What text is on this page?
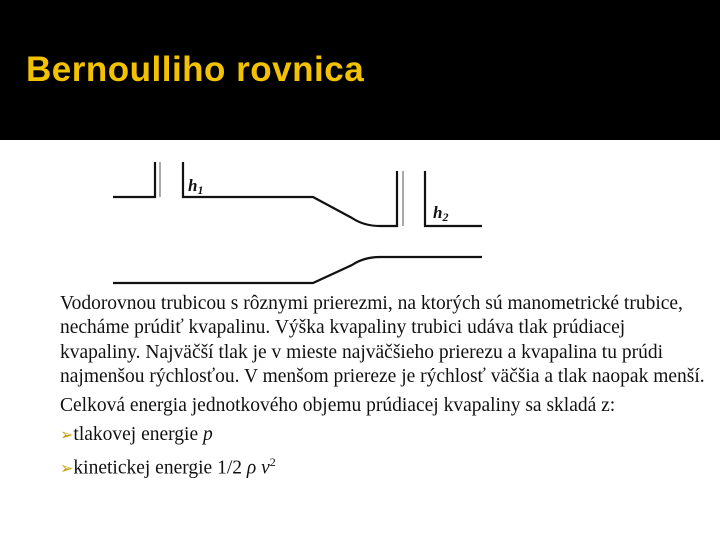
Bernoulliho rovnica
h1
h2

Vodorovnou trubicou s rôznymi prierezmi, na ktorých sú manometrické trubice, necháme prúdiť kvapalinu. Výška kvapaliny trubici udáva tlak prúdiacej kvapaliny. Najväčší tlak je v mieste najväčšieho prierezu a kvapalina tu prúdi najmenšou rýchlosťou. V menšom priereze je rýchlosť väčšia a tlak naopak menší.

Celková energia jednotkového objemu prúdiacej kvapaliny sa skladá z:

➢tlakovej energie p

➢kinetickej energie 1/2 ρ $v^2$
